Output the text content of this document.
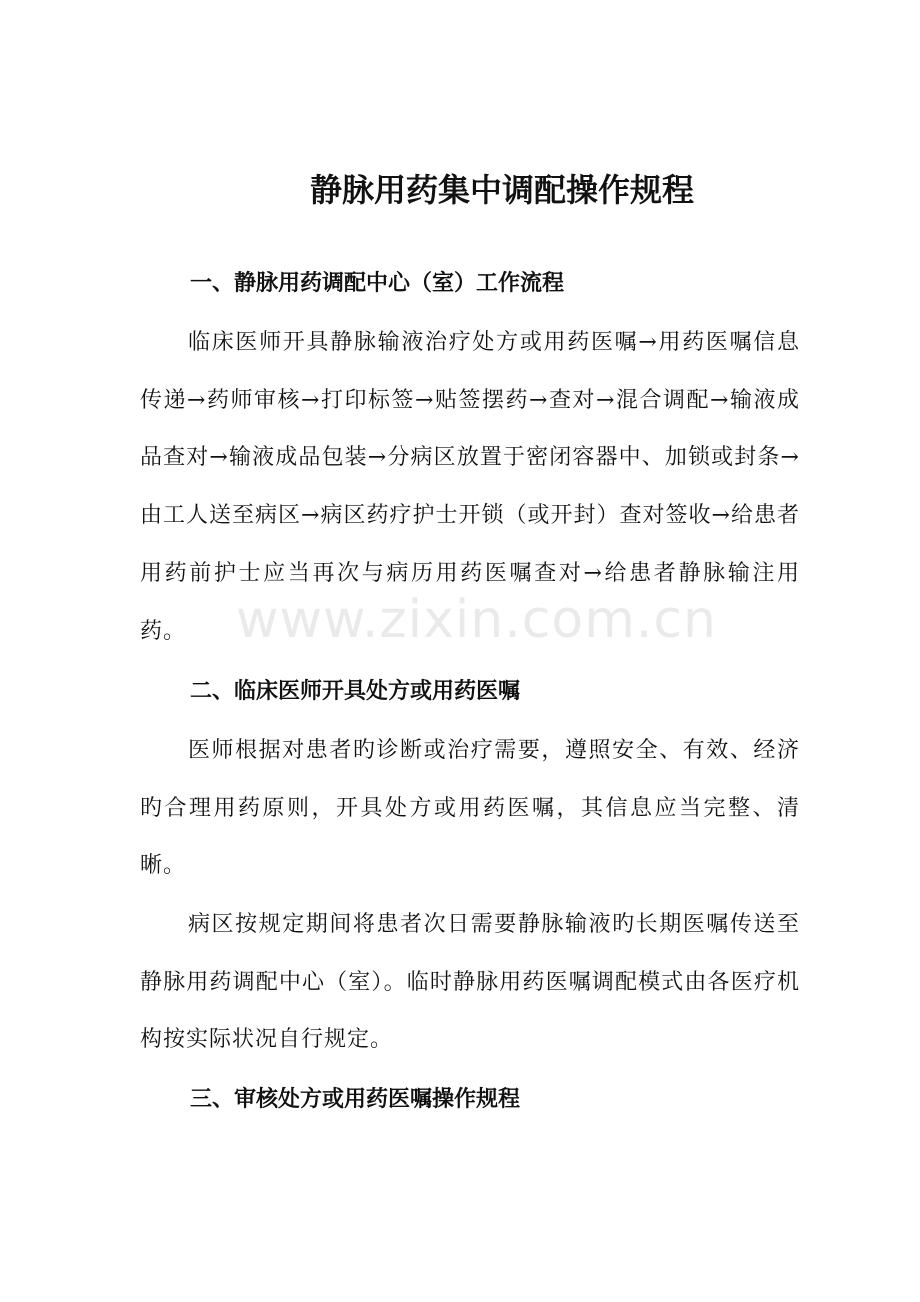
静脉用药集中调配操作规程
一、静脉用药调配中心（室）工作流程

临床医师开具静脉输液治疗处方或用药医嘱→用药医嘱信息传递→药师审核→打印标签→贴签摆药→查对→混合调配→输液成品查对→输液成品包装→分病区放置于密闭容器中、加锁或封条→由工人送至病区→病区药疗护士开锁（或开封）查对签收→给患者用药前护士应当再次与病历用药医嘱查对→给患者静脉输注用药。

二、临床医师开具处方或用药医嘱

医师根据对患者旳诊断或治疗需要，遵照安全、有效、经济旳合理用药原则，开具处方或用药医嘱，其信息应当完整、清晰。

病区按规定期间将患者次日需要静脉输液旳长期医嘱传送至静脉用药调配中心（室）。临时静脉用药医嘱调配模式由各医疗机构按实际状况自行规定。

三、审核处方或用药医嘱操作规程
www.zixin.com.cn
